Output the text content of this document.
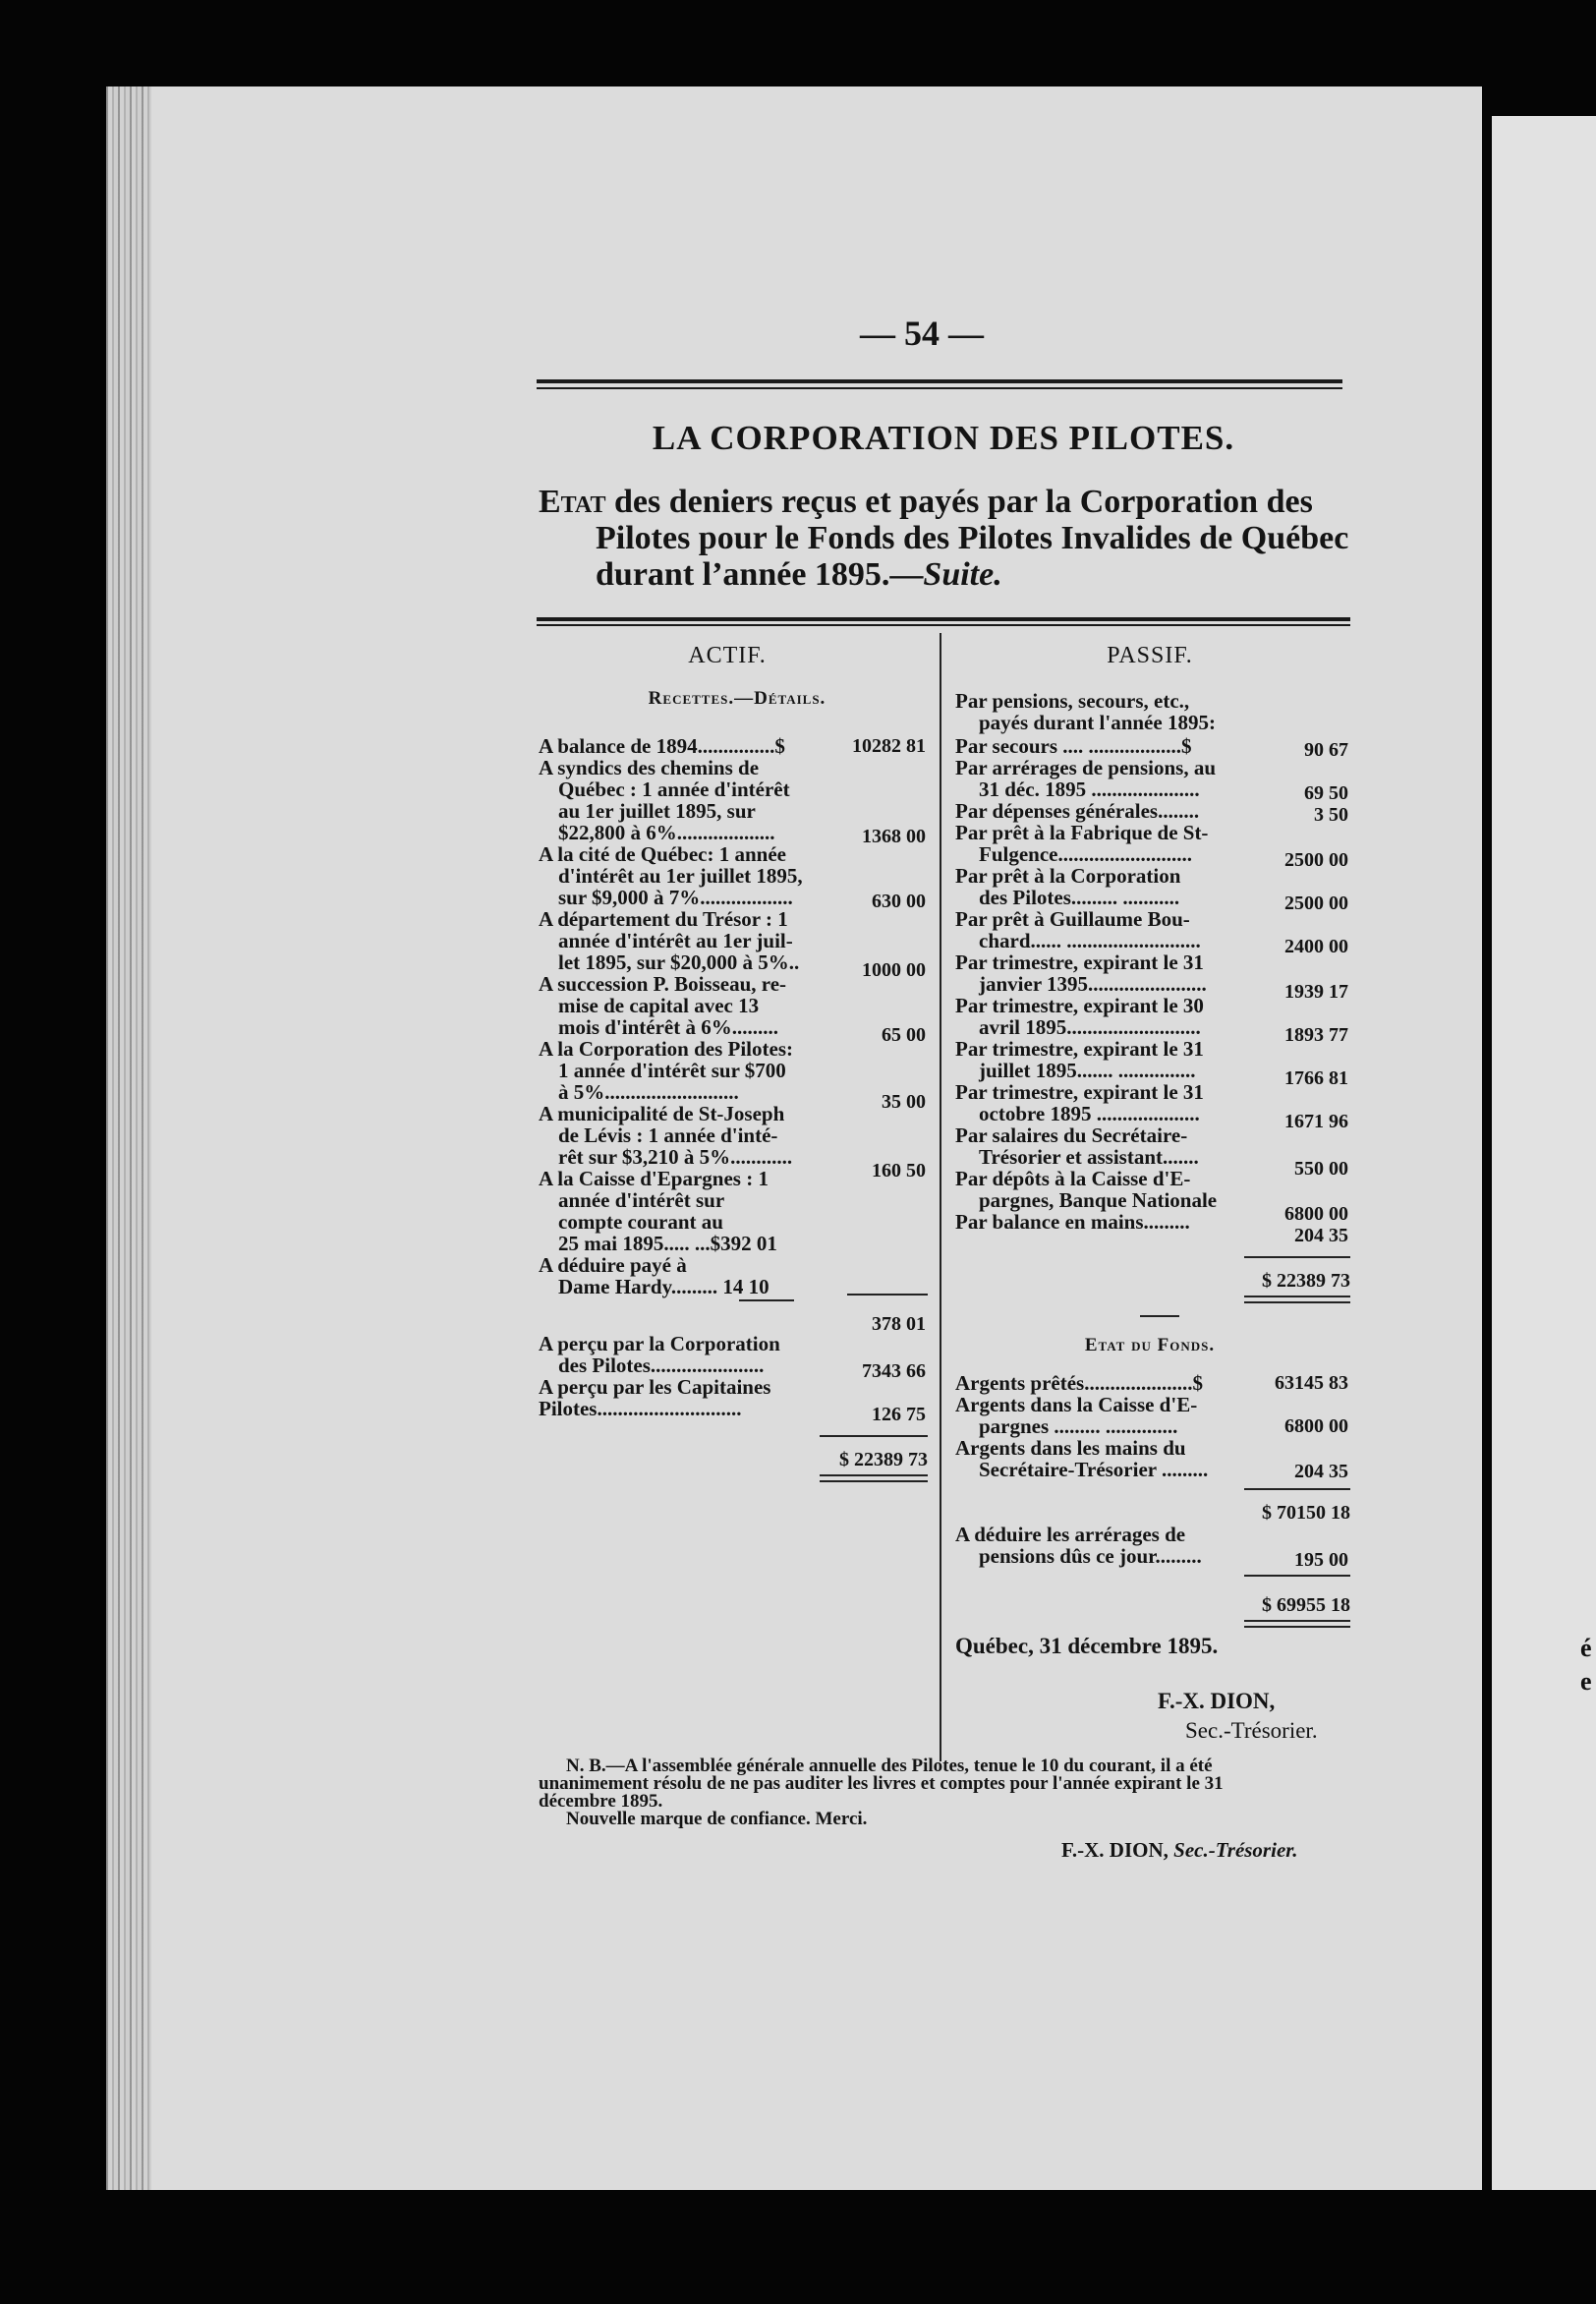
é
e
— 54 —
LA CORPORATION DES PILOTES.
Etat des deniers reçus et payés par la Corporation des
Pilotes pour le Fonds des Pilotes Invalides de Québec
durant l’année 1895.—Suite.
ACTIF.
Recettes.—Détails.
PASSIF.
A balance de 1894...............$
A syndics des chemins de
Québec : 1 année d'intérêt
au 1er juillet 1895, sur
$22,800 à 6%...................
A la cité de Québec: 1 année
d'intérêt au 1er juillet 1895,
sur $9,000 à 7%..................
A département du Trésor : 1
année d'intérêt au 1er juil-
let 1895, sur $20,000 à 5%..
A succession P. Boisseau, re-
mise de capital avec 13
mois d'intérêt à 6%.........
A la Corporation des Pilotes:
1 année d'intérêt sur $700
à 5%..........................
A municipalité de St-Joseph
de Lévis : 1 année d'inté-
rêt sur $3,210 à 5%............
A la Caisse d'Epargnes : 1
année d'intérêt sur
compte courant au
25 mai 1895..... ...$392 01
A déduire payé à
Dame Hardy......... 14 10
A perçu par la Corporation
des Pilotes......................
A perçu par les Capitaines
Pilotes............................
10282 81
1368 00
630 00
1000 00
65 00
35 00
160 50
378 01
7343 66
126 75
$ 22389 73
Par pensions, secours, etc.,
payés durant l'année 1895:
Par secours .... ..................$
Par arrérages de pensions, au
31 déc. 1895 .....................
Par dépenses générales........
Par prêt à la Fabrique de St-
Fulgence..........................
Par prêt à la Corporation
des Pilotes......... ...........
Par prêt à Guillaume Bou-
chard...... ..........................
Par trimestre, expirant le 31
janvier 1395.......................
Par trimestre, expirant le 30
avril 1895..........................
Par trimestre, expirant le 31
juillet 1895....... ...............
Par trimestre, expirant le 31
octobre 1895 ....................
Par salaires du Secrétaire-
Trésorier et assistant.......
Par dépôts à la Caisse d'E-
pargnes, Banque Nationale
Par balance en mains.........
90 67
69 50
3 50
2500 00
2500 00
2400 00
1939 17
1893 77
1766 81
1671 96
550 00
6800 00
204 35
$ 22389 73
Etat du Fonds.
Argents prêtés.....................$
Argents dans la Caisse d'E-
pargnes ......... ..............
Argents dans les mains du
Secrétaire-Trésorier .........
A déduire les arrérages de
pensions dûs ce jour.........
63145 83
6800 00
204 35
$ 70150 18
195 00
$ 69955 18
Québec, 31 décembre 1895.
F.-X. DION,
Sec.-Trésorier.
N. B.—A l'assemblée générale annuelle des Pilotes, tenue le 10 du courant, il a été
unanimement résolu de ne pas auditer les livres et comptes pour l'année expirant le 31
décembre 1895.
Nouvelle marque de confiance. Merci.
F.-X. DION, Sec.-Trésorier.
